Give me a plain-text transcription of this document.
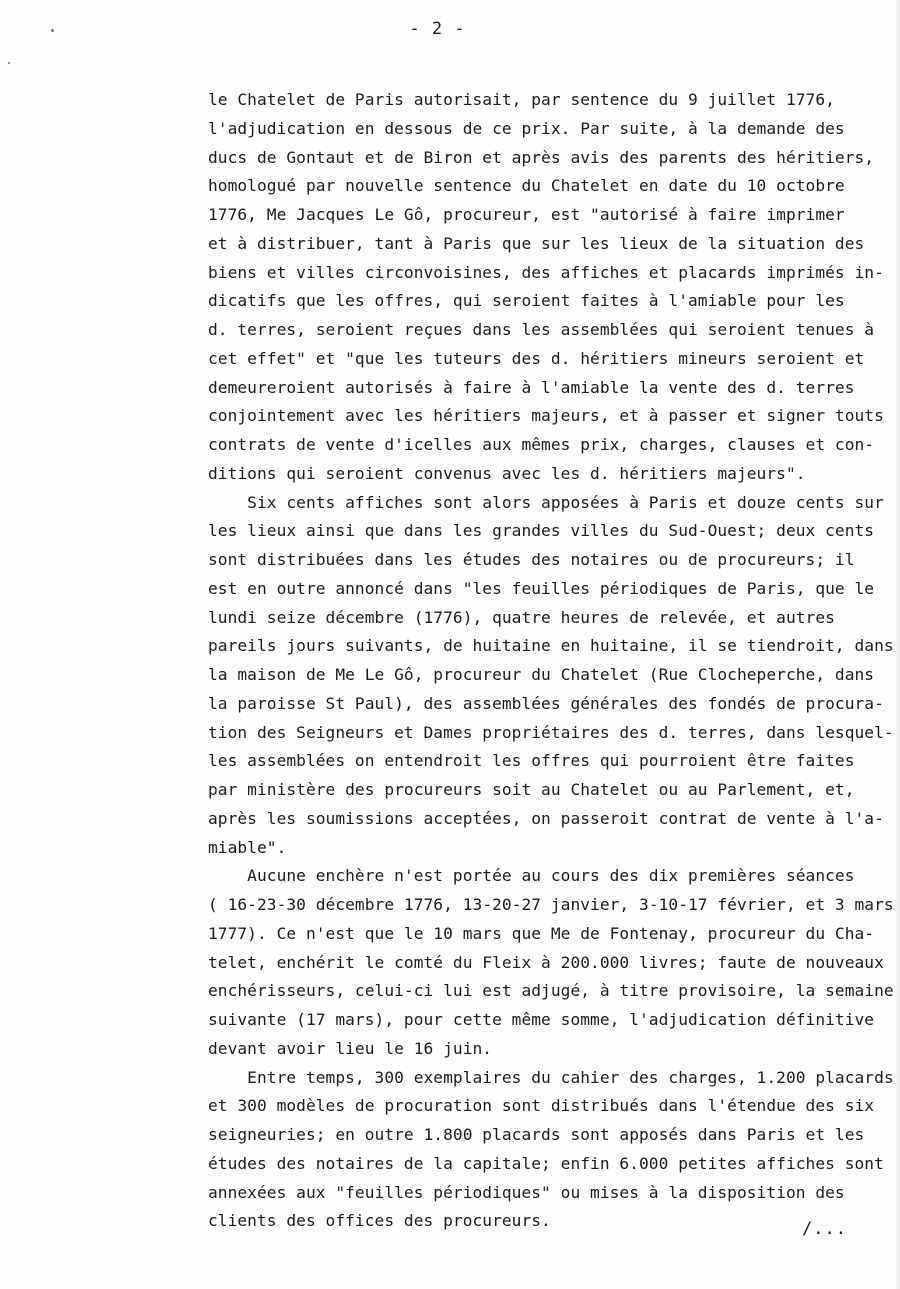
- 2 -
le Chatelet de Paris autorisait, par sentence du 9 juillet 1776,
l'adjudication en dessous de ce prix. Par suite, à la demande des
ducs de Gontaut et de Biron et après avis des parents des héritiers,
homologué par nouvelle sentence du Chatelet en date du 10 octobre
1776, Me Jacques Le Gô, procureur, est "autorisé à faire imprimer
et à distribuer, tant à Paris que sur les lieux de la situation des
biens et villes circonvoisines, des affiches et placards imprimés in-
dicatifs que les offres, qui seroient faites à l'amiable pour les
d. terres, seroient reçues dans les assemblées qui seroient tenues à
cet effet" et "que les tuteurs des d. héritiers mineurs seroient et
demeureroient autorisés à faire à l'amiable la vente des d. terres
conjointement avec les héritiers majeurs, et à passer et signer touts
contrats de vente d'icelles aux mêmes prix, charges, clauses et con-
ditions qui seroient convenus avec les d. héritiers majeurs".
Six cents affiches sont alors apposées à Paris et douze cents sur
les lieux ainsi que dans les grandes villes du Sud-Ouest; deux cents
sont distribuées dans les études des notaires ou de procureurs; il
est en outre annoncé dans "les feuilles périodiques de Paris, que le
lundi seize décembre (1776), quatre heures de relevée, et autres
pareils jours suivants, de huitaine en huitaine, il se tiendroit, dans
la maison de Me Le Gô, procureur du Chatelet (Rue Clocheperche, dans
la paroisse St Paul), des assemblées générales des fondés de procura-
tion des Seigneurs et Dames propriétaires des d. terres, dans lesquel-
les assemblées on entendroit les offres qui pourroient être faites
par ministère des procureurs soit au Chatelet ou au Parlement, et,
après les soumissions acceptées, on passeroit contrat de vente à l'a-
miable".
Aucune enchère n'est portée au cours des dix premières séances
( 16-23-30 décembre 1776, 13-20-27 janvier, 3-10-17 février, et 3 mars
1777). Ce n'est que le 10 mars que Me de Fontenay, procureur du Cha-
telet, enchérit le comté du Fleix à 200.000 livres; faute de nouveaux
enchérisseurs, celui-ci lui est adjugé, à titre provisoire, la semaine
suivante (17 mars), pour cette même somme, l'adjudication définitive
devant avoir lieu le 16 juin.
Entre temps, 300 exemplaires du cahier des charges, 1.200 placards
et 300 modèles de procuration sont distribués dans l'étendue des six
seigneuries; en outre 1.800 placards sont apposés dans Paris et les
études des notaires de la capitale; enfin 6.000 petites affiches sont
annexées aux "feuilles périodiques" ou mises à la disposition des
clients des offices des procureurs.	/...
